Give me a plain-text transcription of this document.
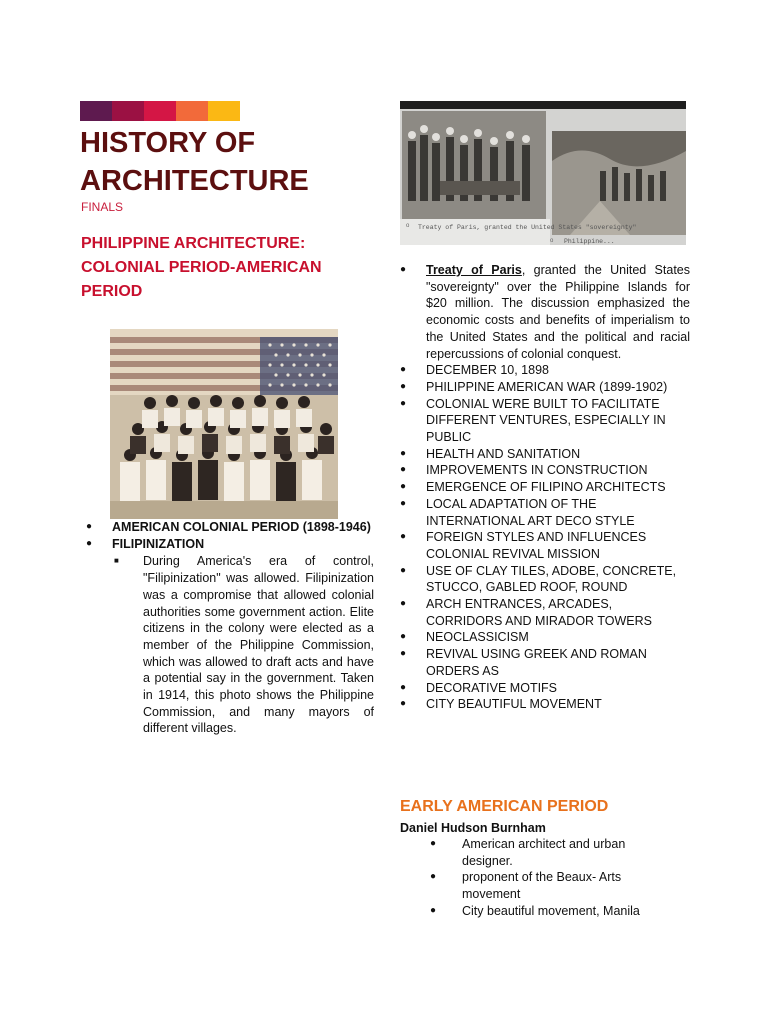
HISTORY OF ARCHITECTURE
FINALS
PHILIPPINE ARCHITECTURE: COLONIAL PERIOD-AMERICAN PERIOD
o Treaty of Paris, granted the United States "sovereignty"
o Philippine...
● AMERICAN COLONIAL PERIOD (1898-1946)
● FILIPINIZATION
■ During America's era of control, "Filipinization" was allowed. Filipinization was a compromise that allowed colonial authorities some government action. Elite citizens in the colony were elected as a member of the Philippine Commission, which was allowed to draft acts and have a potential say in the government. Taken in 1914, this photo shows the Philippine Commission, and many mayors of different villages.
● Treaty of Paris, granted the United States "sovereignty" over the Philippine Islands for $20 million. The discussion emphasized the economic costs and benefits of imperialism to the United States and the political and racial repercussions of colonial conquest.
● DECEMBER 10, 1898
● PHILIPPINE AMERICAN WAR (1899-1902)
● COLONIAL WERE BUILT TO FACILITATE DIFFERENT VENTURES, ESPECIALLY IN PUBLIC
● HEALTH AND SANITATION
● IMPROVEMENTS IN CONSTRUCTION
● EMERGENCE OF FILIPINO ARCHITECTS
● LOCAL ADAPTATION OF THE INTERNATIONAL ART DECO STYLE
● FOREIGN STYLES AND INFLUENCES COLONIAL REVIVAL MISSION
● USE OF CLAY TILES, ADOBE, CONCRETE, STUCCO, GABLED ROOF, ROUND
● ARCH ENTRANCES, ARCADES, CORRIDORS AND MIRADOR TOWERS
● NEOCLASSICISM
● REVIVAL USING GREEK AND ROMAN ORDERS AS
● DECORATIVE MOTIFS
● CITY BEAUTIFUL MOVEMENT
EARLY AMERICAN PERIOD
Daniel Hudson Burnham
● American architect and urban designer.
● proponent of the Beaux- Arts movement
● City beautiful movement, Manila
